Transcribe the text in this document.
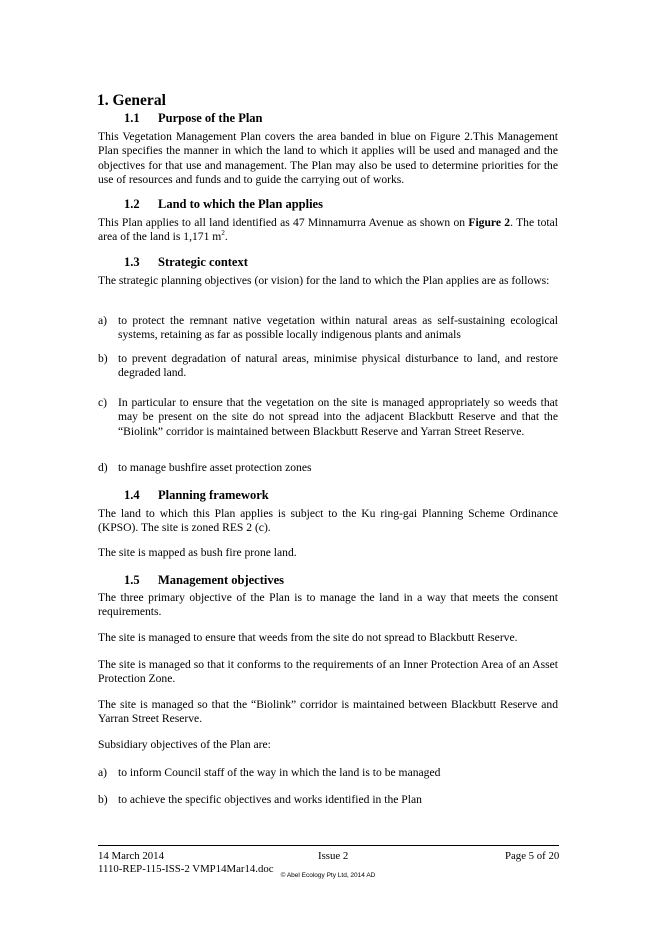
1. General
1.1 Purpose of the Plan
This Vegetation Management Plan covers the area banded in blue on Figure 2.This Management Plan specifies the manner in which the land to which it applies will be used and managed and the objectives for that use and management. The Plan may also be used to determine priorities for the use of resources and funds and to guide the carrying out of works.
1.2 Land to which the Plan applies
This Plan applies to all land identified as 47 Minnamurra Avenue as shown on Figure 2. The total area of the land is 1,171 $m^2$.
1.3 Strategic context
The strategic planning objectives (or vision) for the land to which the Plan applies are as follows:
a) to protect the remnant native vegetation within natural areas as self-sustaining ecological systems, retaining as far as possible locally indigenous plants and animals
b) to prevent degradation of natural areas, minimise physical disturbance to land, and restore degraded land.
c) In particular to ensure that the vegetation on the site is managed appropriately so weeds that may be present on the site do not spread into the adjacent Blackbutt Reserve and that the “Biolink” corridor is maintained between Blackbutt Reserve and Yarran Street Reserve.
d) to manage bushfire asset protection zones
1.4 Planning framework
The land to which this Plan applies is subject to the Ku ring-gai Planning Scheme Ordinance (KPSO). The site is zoned RES 2 (c).
The site is mapped as bush fire prone land.
1.5 Management objectives
The three primary objective of the Plan is to manage the land in a way that meets the consent requirements.
The site is managed to ensure that weeds from the site do not spread to Blackbutt Reserve.
The site is managed so that it conforms to the requirements of an Inner Protection Area of an Asset Protection Zone.
The site is managed so that the “Biolink” corridor is maintained between Blackbutt Reserve and Yarran Street Reserve.
Subsidiary objectives of the Plan are:
a) to inform Council staff of the way in which the land is to be managed
b) to achieve the specific objectives and works identified in the Plan
14 March 2014	Issue 2	Page 5 of 20
1110-REP-115-ISS-2 VMP14Mar14.doc
© Abel Ecology Pty Ltd, 2014 AD
